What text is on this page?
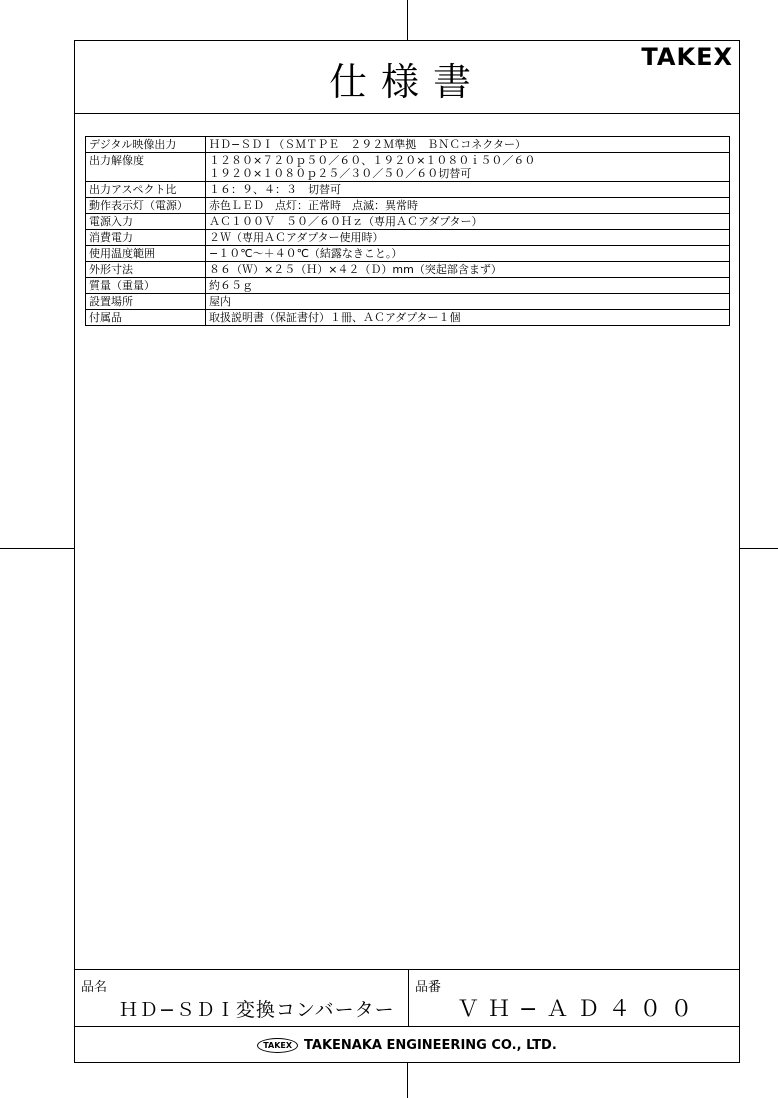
仕様書
TAKEX
デジタル映像出力	ＨＤ−ＳＤＩ（ＳＭＴＰＥ　２９２Ｍ準拠　ＢＮＣコネクター）

出力解像度	１２８０×７２０ｐ５０／６０、１９２０×１０８０ｉ５０／６０
１９２０×１０８０ｐ２５／３０／５０／６０切替可

出力アスペクト比	１６：９、４：３　切替可

動作表示灯（電源）	赤色ＬＥＤ　点灯：正常時　点滅：異常時

電源入力	ＡＣ１００Ｖ　５０／６０Ｈｚ（専用ＡＣアダプター）

消費電力	２Ｗ（専用ＡＣアダプター使用時）

使用温度範囲	−１０℃〜＋４０℃（結露なきこと。）

外形寸法	８６（Ｗ）×２５（Ｈ）×４２（Ｄ）mm（突起部含まず）

質量（重量）	約６５ｇ

設置場所	屋内

付属品	取扱説明書（保証書付）１冊、ＡＣアダプター１個
品名
ＨＤ−ＳＤＩ変換コンバーター
品番
ＶＨ−ＡＤ４００
TAKEX TAKENAKA ENGINEERING CO., LTD.
